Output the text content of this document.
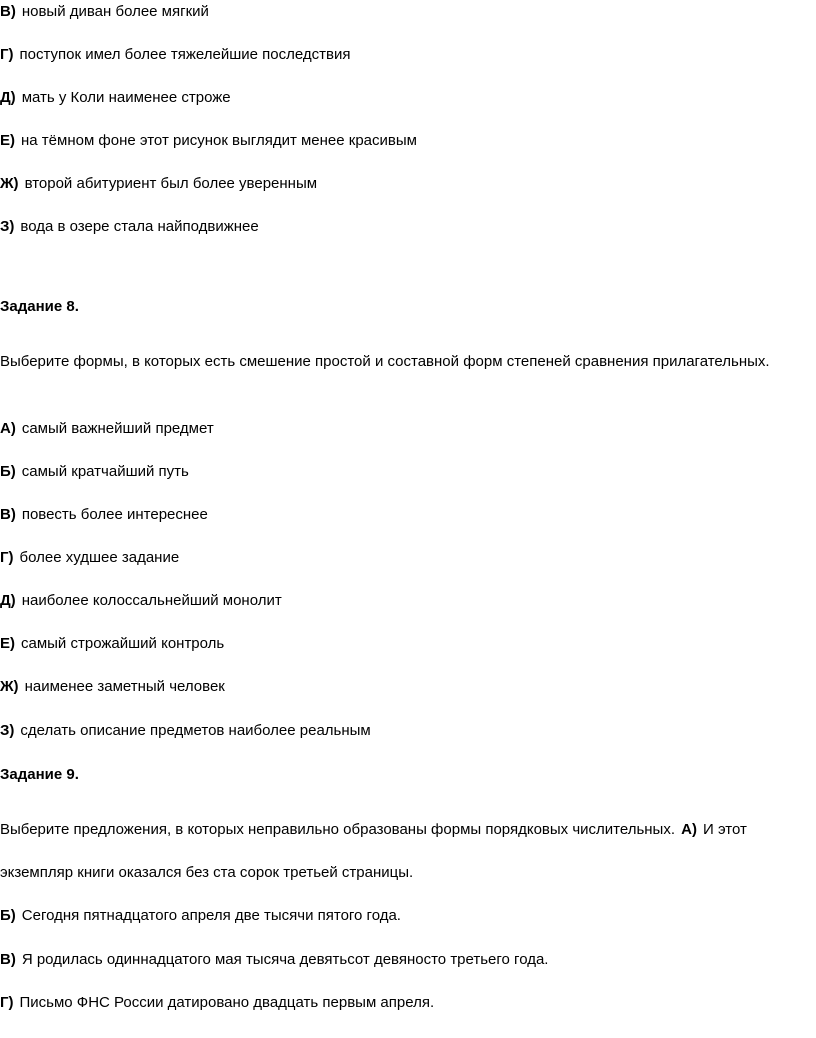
В) новый диван более мягкий
Г) поступок имел более тяжелейшие последствия
Д) мать у Коли наименее строже
Е) на тёмном фоне этот рисунок выглядит менее красивым
Ж) второй абитуриент был более уверенным
З) вода в озере стала найподвижнее
Задание 8.
Выберите формы, в которых есть смешение простой и составной форм степеней сравнения прилагательных.
А) самый важнейший предмет
Б) самый кратчайший путь
В) повесть более интереснее
Г) более худшее задание
Д) наиболее колоссальнейший монолит
Е) самый строжайший контроль
Ж) наименее заметный человек
З) сделать описание предметов наиболее реальным
Задание 9.
Выберите предложения, в которых неправильно образованы формы порядковых числительных. А) И этот
экземпляр книги оказался без ста сорок третьей страницы.
Б) Сегодня пятнадцатого апреля две тысячи пятого года.
В) Я родилась одиннадцатого мая тысяча девятьсот девяносто третьего года.
Г) Письмо ФНС России датировано двадцать первым апреля.
